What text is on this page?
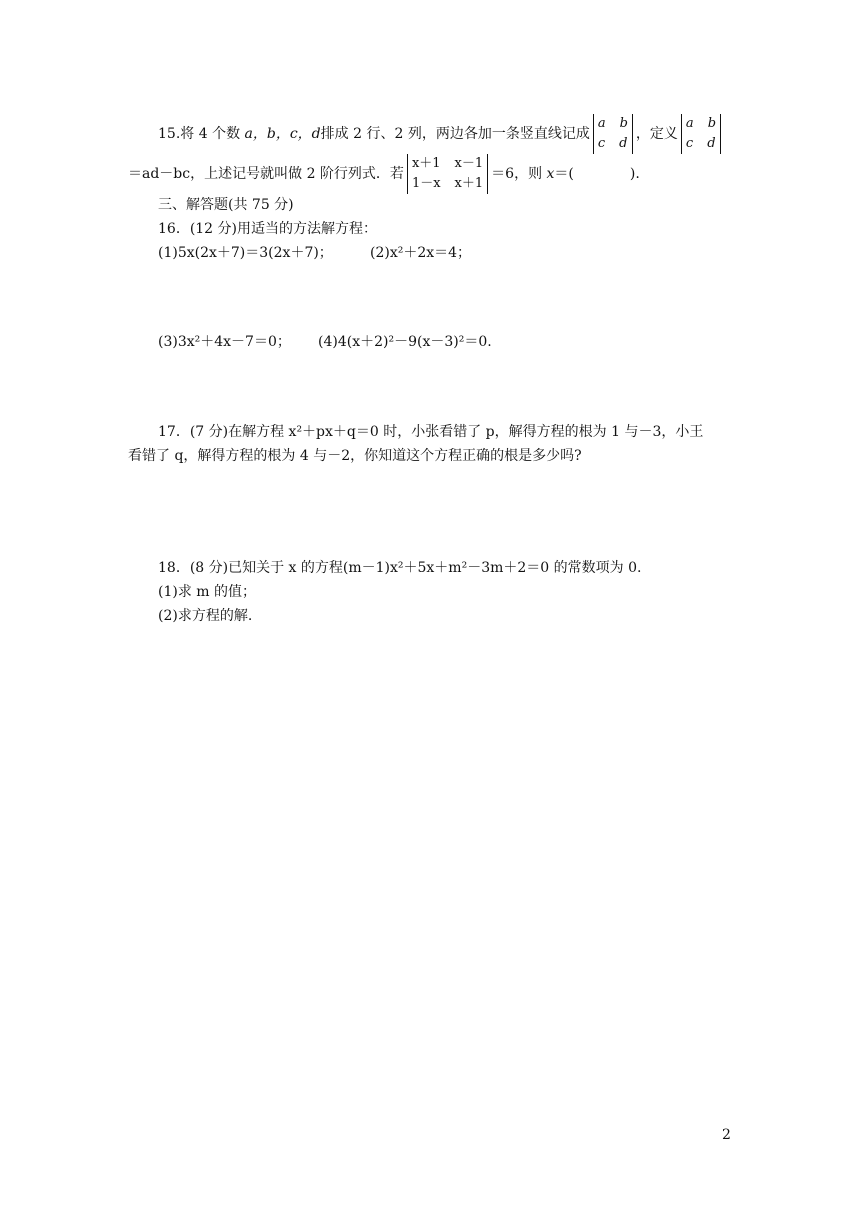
15.将 4 个数 a，b，c，d排成 2 行、2 列，两边各加一条竖直线记成
a b
c d
，定义
a b
c d
＝ad－bc，上述记号就叫做 2 阶行列式．若
x＋1 x－1
1－x x＋1
＝6，则 x＝(	).
三、解答题(共 75 分)
16．(12 分)用适当的方法解方程：
(1)5x(2x＋7)＝3(2x＋7)；	(2)x²＋2x＝4；
(3)3x²＋4x－7＝0； (4)4(x＋2)²－9(x－3)²＝0.
17．(7 分)在解方程 x²＋px＋q＝0 时，小张看错了 p，解得方程的根为 1 与－3，小王
看错了 q，解得方程的根为 4 与－2，你知道这个方程正确的根是多少吗?
18．(8 分)已知关于 x 的方程(m－1)x²＋5x＋m²－3m＋2＝0 的常数项为 0.
(1)求 m 的值；
(2)求方程的解.
2
